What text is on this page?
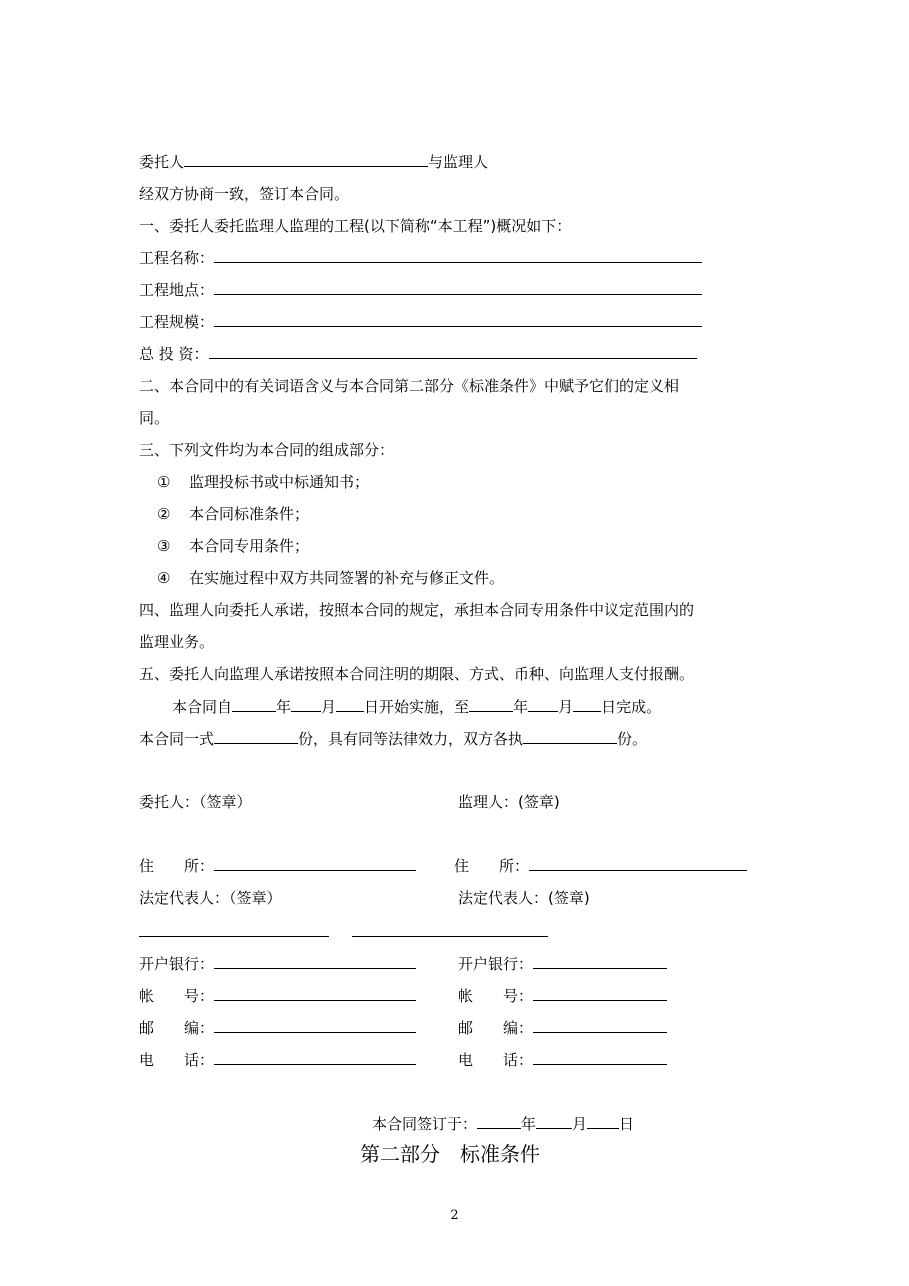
委托人	与监理人
经双方协商一致，签订本合同。
一、委托人委托监理人监理的工程(以下简称“本工程”)概况如下：
工程名称：
工程地点：
工程规模：
总 投 资：
二、本合同中的有关词语含义与本合同第二部分《标准条件》中赋予它们的定义相
同。
三、下列文件均为本合同的组成部分：
① 监理投标书或中标通知书；
② 本合同标准条件；
③ 本合同专用条件；
④ 在实施过程中双方共同签署的补充与修正文件。
四、监理人向委托人承诺，按照本合同的规定，承担本合同专用条件中议定范围内的
监理业务。
五、委托人向监理人承诺按照本合同注明的期限、方式、币种、向监理人支付报酬。
本合同自	年 月 日开始实施，至	年 月 日完成。
本合同一式	份，具有同等法律效力，双方各执	份。
委托人：（签章）	监理人：(签章)
住　　所：	住　　所：
法定代表人：（签章）	法定代表人：(签章)
开户银行：	开户银行：
帐　　号：	帐　　号：
邮　　编：	邮　　编：
电　　话：	电　　话：
本合同签订于：	年 月 日
第二部分　标准条件
2
